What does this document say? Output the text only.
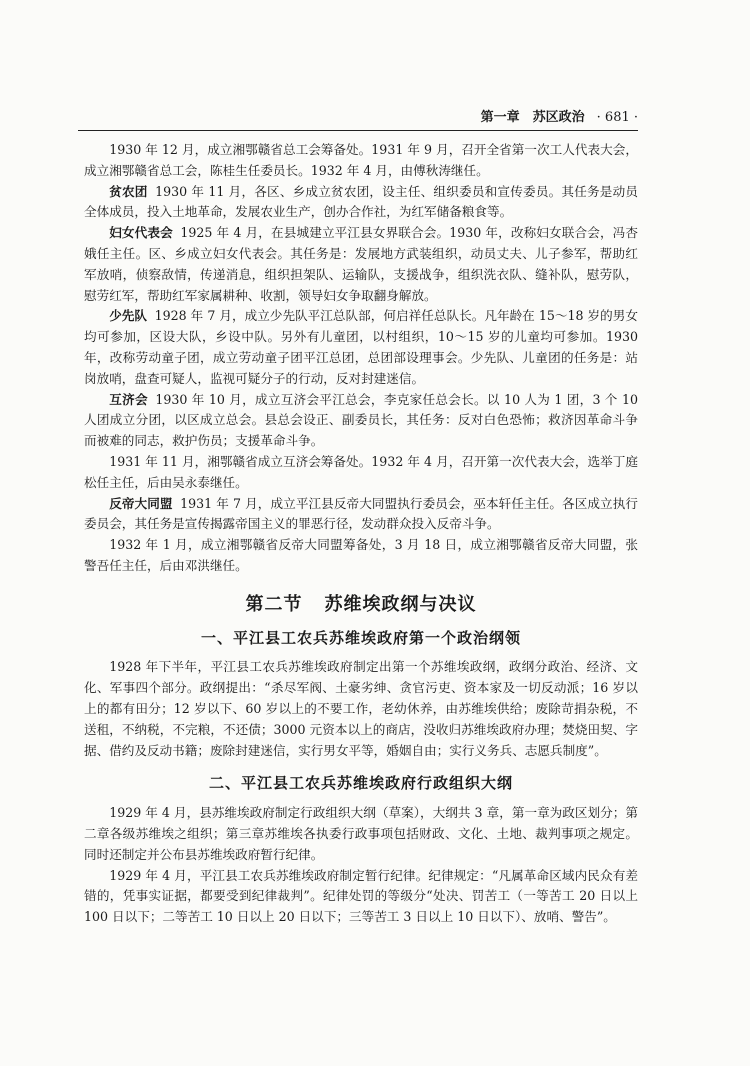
第一章　苏区政治 · 681 ·

1930 年 12 月，成立湘鄂赣省总工会筹备处。1931 年 9 月，召开全省第一次工人代表大会，成立湘鄂赣省总工会，陈桂生任委员长。1932 年 4 月，由傅秋涛继任。

贫农团 1930 年 11 月，各区、乡成立贫农团，设主任、组织委员和宣传委员。其任务是动员全体成员，投入土地革命，发展农业生产，创办合作社，为红军储备粮食等。

妇女代表会 1925 年 4 月，在县城建立平江县女界联合会。1930 年，改称妇女联合会，冯杏娥任主任。区、乡成立妇女代表会。其任务是：发展地方武装组织，动员丈夫、儿子参军，帮助红军放哨，侦察敌情，传递消息，组织担架队、运输队，支援战争，组织洗衣队、缝补队，慰劳队，慰劳红军，帮助红军家属耕种、收割，领导妇女争取翻身解放。

少先队 1928 年 7 月，成立少先队平江总队部，何启祥任总队长。凡年龄在 15～18 岁的男女均可参加，区设大队，乡设中队。另外有儿童团，以村组织，10～15 岁的儿童均可参加。1930 年，改称劳动童子团，成立劳动童子团平江总团，总团部设理事会。少先队、儿童团的任务是：站岗放哨，盘查可疑人，监视可疑分子的行动，反对封建迷信。

互济会 1930 年 10 月，成立互济会平江总会，李克家任总会长。以 10 人为 1 团，3 个 10 人团成立分团，以区成立总会。县总会设正、副委员长，其任务：反对白色恐怖；救济因革命斗争而被难的同志，救护伤员；支援革命斗争。

1931 年 11 月，湘鄂赣省成立互济会筹备处。1932 年 4 月，召开第一次代表大会，选举丁庭松任主任，后由吴永泰继任。

反帝大同盟 1931 年 7 月，成立平江县反帝大同盟执行委员会，巫本轩任主任。各区成立执行委员会，其任务是宣传揭露帝国主义的罪恶行径，发动群众投入反帝斗争。

1932 年 1 月，成立湘鄂赣省反帝大同盟筹备处，3 月 18 日，成立湘鄂赣省反帝大同盟，张警吾任主任，后由邓洪继任。

第二节 苏维埃政纲与决议
一、平江县工农兵苏维埃政府第一个政治纲领

1928 年下半年，平江县工农兵苏维埃政府制定出第一个苏维埃政纲，政纲分政治、经济、文化、军事四个部分。政纲提出：“杀尽军阀、土豪劣绅、贪官污吏、资本家及一切反动派；16 岁以上的都有田分；12 岁以下、60 岁以上的不要工作，老幼休养，由苏维埃供给；废除苛捐杂税，不送租，不纳税，不完粮，不还债；3000 元资本以上的商店，没收归苏维埃政府办理；焚烧田契、字据、借约及反动书籍；废除封建迷信，实行男女平等，婚姻自由；实行义务兵、志愿兵制度”。

二、平江县工农兵苏维埃政府行政组织大纲

1929 年 4 月，县苏维埃政府制定行政组织大纲（草案），大纲共 3 章，第一章为政区划分；第二章各级苏维埃之组织；第三章苏维埃各执委行政事项包括财政、文化、土地、裁判事项之规定。同时还制定并公布县苏维埃政府暂行纪律。

1929 年 4 月，平江县工农兵苏维埃政府制定暂行纪律。纪律规定：“凡属革命区域内民众有差错的，凭事实证据，都要受到纪律裁判”。纪律处罚的等级分“处决、罚苦工（一等苦工 20 日以上 100 日以下；二等苦工 10 日以上 20 日以下；三等苦工 3 日以上 10 日以下）、放哨、警告”。
